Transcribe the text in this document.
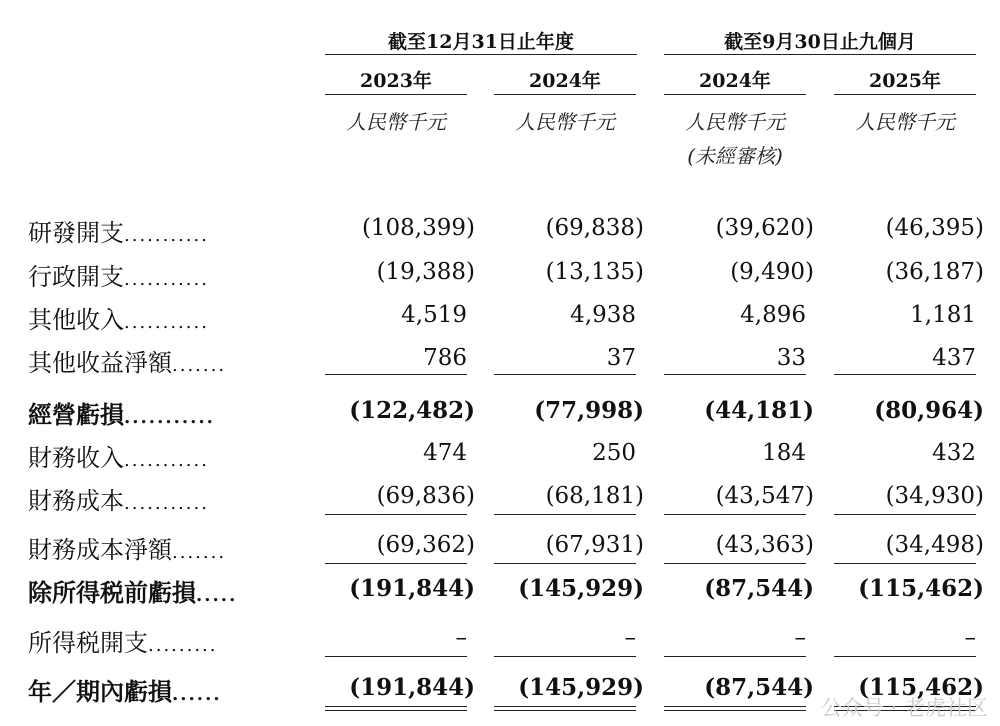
截至12月31日止年度	截至9月30日止九個月
2023年	2024年	2024年	2025年
人民幣千元	人民幣千元	人民幣千元	人民幣千元
(未經審核)
研發開支...........	(108,399)	(69,838)	(39,620)	(46,395)
行政開支...........	(19,388)	(13,135)	(9,490)	(36,187)
其他收入...........	4,519	4,938	4,896	1,181
其他收益淨額.......	786	37	33	437
經營虧損...........	(122,482)	(77,998)	(44,181)	(80,964)
財務收入...........	474	250	184	432
財務成本...........	(69,836)	(68,181)	(43,547)	(34,930)
財務成本淨額.......	(69,362)	(67,931)	(43,363)	(34,498)
除所得税前虧損.....	(191,844)	(145,929)	(87,544)	(115,462)
所得税開支.........	–	–	–	–
年／期內虧損......	(191,844)	(145,929)	(87,544)	(115,462)
公众号 · 老虎社区
